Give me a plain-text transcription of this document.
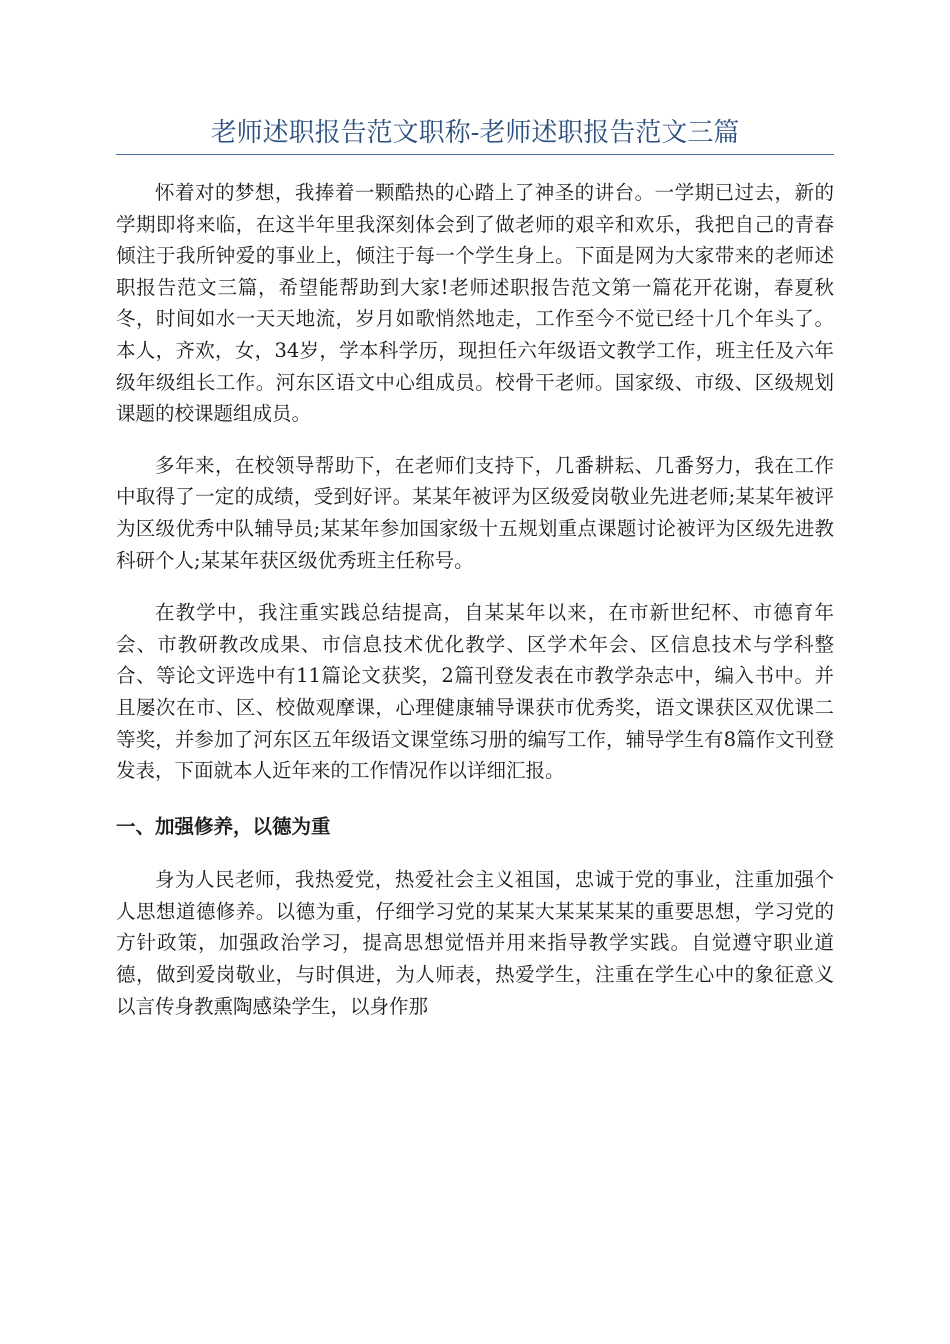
老师述职报告范文职称-老师述职报告范文三篇

怀着对的梦想，我捧着一颗酷热的心踏上了神圣的讲台。一学期已过去，新的学期即将来临，在这半年里我深刻体会到了做老师的艰辛和欢乐，我把自己的青春倾注于我所钟爱的事业上，倾注于每一个学生身上。下面是网为大家带来的老师述职报告范文三篇，希望能帮助到大家!老师述职报告范文第一篇花开花谢，春夏秋冬，时间如水一天天地流，岁月如歌悄然地走，工作至今不觉已经十几个年头了。本人，齐欢，女，34岁，学本科学历，现担任六年级语文教学工作，班主任及六年级年级组长工作。河东区语文中心组成员。校骨干老师。国家级、市级、区级规划课题的校课题组成员。

多年来，在校领导帮助下，在老师们支持下，几番耕耘、几番努力，我在工作中取得了一定的成绩，受到好评。某某年被评为区级爱岗敬业先进老师;某某年被评为区级优秀中队辅导员;某某年参加国家级十五规划重点课题讨论被评为区级先进教科研个人;某某年获区级优秀班主任称号。

在教学中，我注重实践总结提高，自某某年以来，在市新世纪杯、市德育年会、市教研教改成果、市信息技术优化教学、区学术年会、区信息技术与学科整合、等论文评选中有11篇论文获奖，2篇刊登发表在市教学杂志中，编入书中。并且屡次在市、区、校做观摩课，心理健康辅导课获市优秀奖，语文课获区双优课二等奖，并参加了河东区五年级语文课堂练习册的编写工作，辅导学生有8篇作文刊登发表，下面就本人近年来的工作情况作以详细汇报。

一、加强修养，以德为重

身为人民老师，我热爱党，热爱社会主义祖国，忠诚于党的事业，注重加强个人思想道德修养。以德为重，仔细学习党的某某大某某某某的重要思想，学习党的方针政策，加强政治学习，提高思想觉悟并用来指导教学实践。自觉遵守职业道德，做到爱岗敬业，与时俱进，为人师表，热爱学生，注重在学生心中的象征意义以言传身教熏陶感染学生，以身作那
